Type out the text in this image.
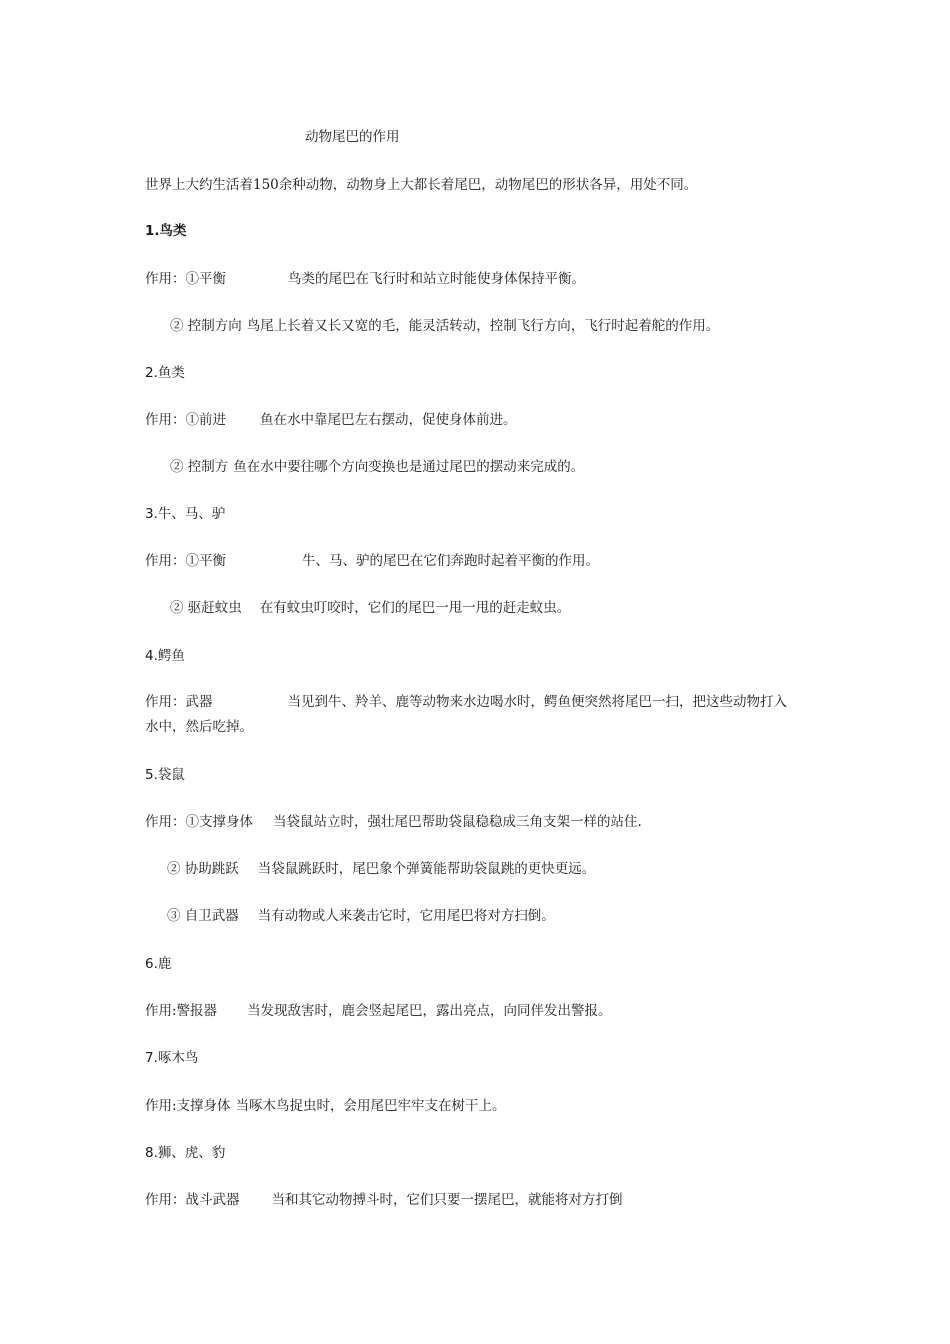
动物尾巴的作用
世界上大约生活着150余种动物，动物身上大都长着尾巴，动物尾巴的形状各异，用处不同。
1.鸟类
作用：①平衡	鸟类的尾巴在飞行时和站立时能使身体保持平衡。
② 控制方向 鸟尾上长着又长又宽的毛，能灵活转动，控制飞行方向，飞行时起着舵的作用。
2.鱼类
作用：①前进	鱼在水中靠尾巴左右摆动，促使身体前进。
② 控制方 鱼在水中要往哪个方向变换也是通过尾巴的摆动来完成的。
3.牛、马、驴
作用：①平衡	牛、马、驴的尾巴在它们奔跑时起着平衡的作用。
② 驱赶蚊虫 在有蚊虫叮咬时，它们的尾巴一甩一甩的赶走蚊虫。
4.鳄鱼
作用：武器	当见到牛、羚羊、鹿等动物来水边喝水时，鳄鱼便突然将尾巴一扫，把这些动物打入
水中，然后吃掉。
5.袋鼠
作用：①支撑身体 当袋鼠站立时，强壮尾巴帮助袋鼠稳稳成三角支架一样的站住.
② 协助跳跃 当袋鼠跳跃时，尾巴象个弹簧能帮助袋鼠跳的更快更远。
③ 自卫武器 当有动物或人来袭击它时，它用尾巴将对方扫倒。
6.鹿
作用:警报器 当发现敌害时，鹿会竖起尾巴，露出亮点，向同伴发出警报。
7.啄木鸟
作用:支撑身体 当啄木鸟捉虫时，会用尾巴牢牢支在树干上。
8.狮、虎、豹
作用：战斗武器 当和其它动物搏斗时，它们只要一摆尾巴，就能将对方打倒
